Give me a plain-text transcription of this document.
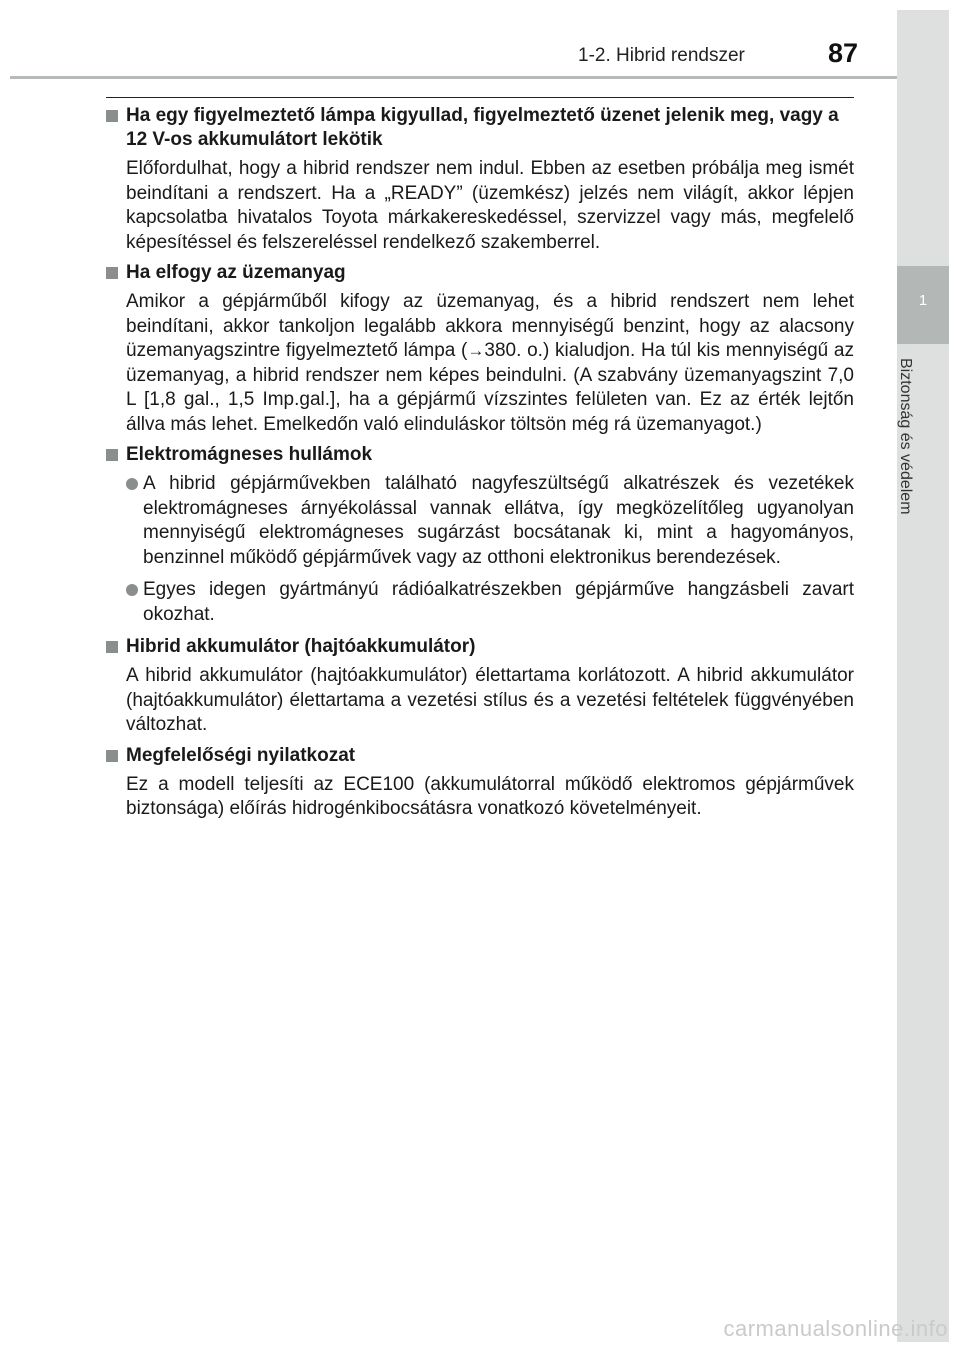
1
Biztonság és védelem
1-2. Hibrid rendszer	87
Ha egy figyelmeztető lámpa kigyullad, figyelmeztető üzenet jelenik meg, vagy a 12 V-os akkumulátort lekötik

Előfordulhat, hogy a hibrid rendszer nem indul. Ebben az esetben próbálja meg ismét beindítani a rendszert. Ha a „READY” (üzemkész) jelzés nem világít, akkor lépjen kapcsolatba hivatalos Toyota márkakereskedéssel, szervizzel vagy más, megfelelő képesítéssel és felszereléssel rendelkező szakemberrel.

Ha elfogy az üzemanyag

Amikor a gépjárműből kifogy az üzemanyag, és a hibrid rendszert nem lehet beindítani, akkor tankoljon legalább akkora mennyiségű benzint, hogy az alacsony üzemanyagszintre figyelmeztető lámpa (→380. o.) kialudjon. Ha túl kis mennyiségű az üzemanyag, a hibrid rendszer nem képes beindulni. (A szabvány üzemanyagszint 7,0 L [1,8 gal., 1,5 Imp.gal.], ha a gépjármű vízszintes felületen van. Ez az érték lejtőn állva más lehet. Emelkedőn való elinduláskor töltsön még rá üzemanyagot.)

Elektromágneses hullámok

A hibrid gépjárművekben található nagyfeszültségű alkatrészek és vezetékek elektromágneses árnyékolással vannak ellátva, így megközelítőleg ugyanolyan mennyiségű elektromágneses sugárzást bocsátanak ki, mint a hagyományos, benzinnel működő gépjárművek vagy az otthoni elektronikus berendezések.

Egyes idegen gyártmányú rádióalkatrészekben gépjárműve hangzásbeli zavart okozhat.

Hibrid akkumulátor (hajtóakkumulátor)

A hibrid akkumulátor (hajtóakkumulátor) élettartama korlátozott. A hibrid akkumulátor (hajtóakkumulátor) élettartama a vezetési stílus és a vezetési feltételek függvényében változhat.

Megfelelőségi nyilatkozat

Ez a modell teljesíti az ECE100 (akkumulátorral működő elektromos gépjárművek biztonsága) előírás hidrogénkibocsátásra vonatkozó követelményeit.

carmanualsonline.info
